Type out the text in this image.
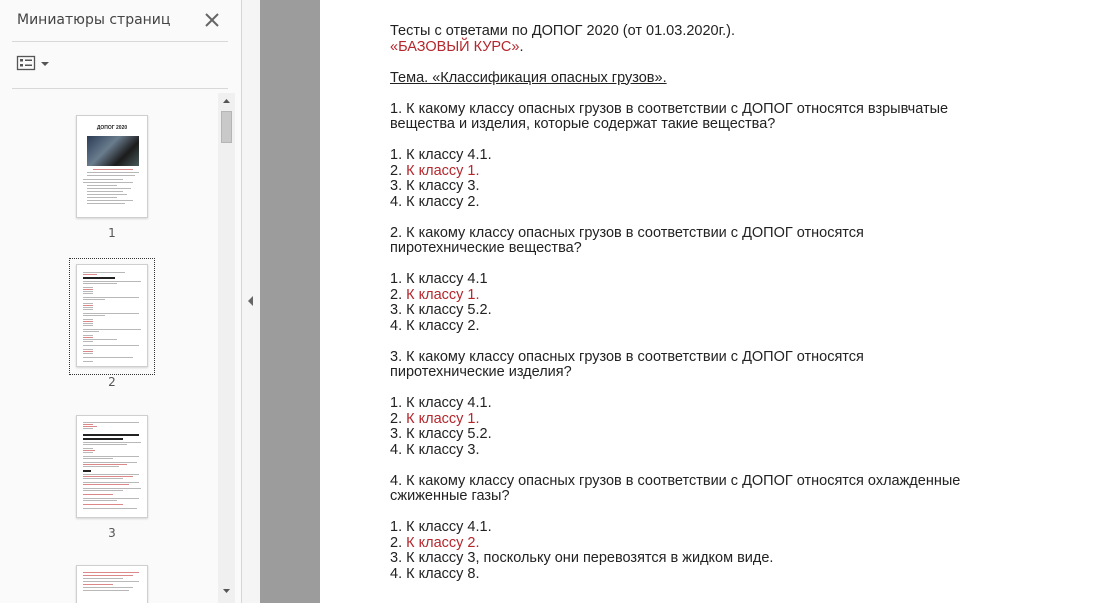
Миниатюры страниц
ДОПОГ 2020
1
2
3
Тесты с ответами по ДОПОГ 2020 (от 01.03.2020г.).
«БАЗОВЫЙ КУРС».
Тема. «Классификация опасных грузов».
1. К какому классу опасных грузов в соответствии с ДОПОГ относятся взрывчатые
вещества и изделия, которые содержат такие вещества?
1. К классу 4.1.
2. К классу 1.
3. К классу 3.
4. К классу 2.
2. К какому классу опасных грузов в соответствии с ДОПОГ относятся
пиротехнические вещества?
1. К классу 4.1
2. К классу 1.
3. К классу 5.2.
4. К классу 2.
3. К какому классу опасных грузов в соответствии с ДОПОГ относятся
пиротехнические изделия?
1. К классу 4.1.
2. К классу 1.
3. К классу 5.2.
4. К классу 3.
4. К какому классу опасных грузов в соответствии с ДОПОГ относятся охлажденные
сжиженные газы?
1. К классу 4.1.
2. К классу 2.
3. К классу 3, поскольку они перевозятся в жидком виде.
4. К классу 8.
